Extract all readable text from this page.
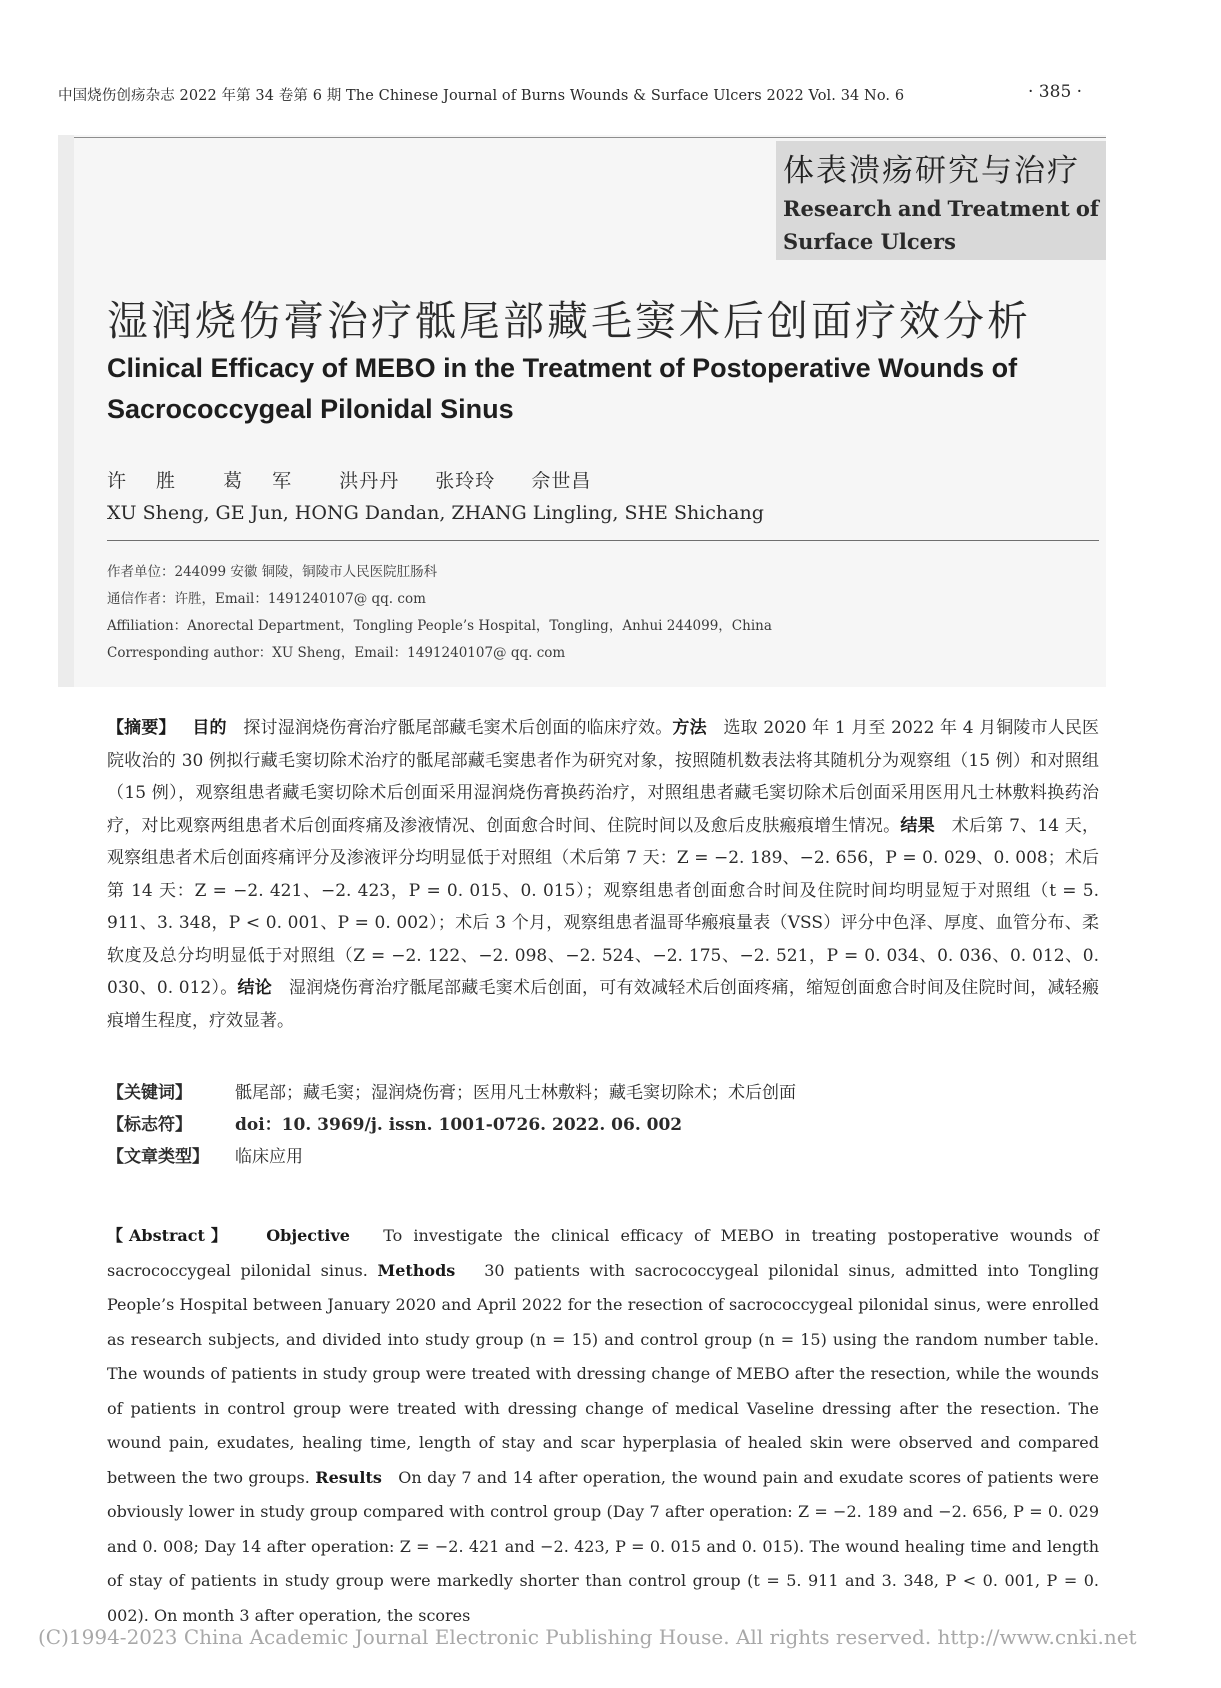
中国烧伤创疡杂志 2022 年第 34 卷第 6 期 The Chinese Journal of Burns Wounds & Surface Ulcers 2022 Vol. 34 No. 6	· 385 ·
体表溃疡研究与治疗
Research and Treatment of
Surface Ulcers
湿润烧伤膏治疗骶尾部藏毛窦术后创面疗效分析
Clinical Efficacy of MEBO in the Treatment of Postoperative Wounds of Sacrococcygeal Pilonidal Sinus
许 胜 葛 军 洪丹丹 张玲玲 佘世昌
XU Sheng, GE Jun, HONG Dandan, ZHANG Lingling, SHE Shichang
作者单位：244099 安徽 铜陵，铜陵市人民医院肛肠科
通信作者：许胜，Email：1491240107@ qq. com
Affiliation：Anorectal Department，Tongling People’s Hospital，Tongling，Anhui 244099，China
Corresponding author：XU Sheng，Email：1491240107@ qq. com
【摘要】 目的 探讨湿润烧伤膏治疗骶尾部藏毛窦术后创面的临床疗效。方法 选取 2020 年 1 月至 2022 年 4 月铜陵市人民医院收治的 30 例拟行藏毛窦切除术治疗的骶尾部藏毛窦患者作为研究对象，按照随机数表法将其随机分为观察组（15 例）和对照组（15 例），观察组患者藏毛窦切除术后创面采用湿润烧伤膏换药治疗，对照组患者藏毛窦切除术后创面采用医用凡士林敷料换药治疗，对比观察两组患者术后创面疼痛及渗液情况、创面愈合时间、住院时间以及愈后皮肤瘢痕增生情况。结果 术后第 7、14 天，观察组患者术后创面疼痛评分及渗液评分均明显低于对照组（术后第 7 天：Z = −2. 189、−2. 656，P = 0. 029、0. 008；术后第 14 天：Z = −2. 421、−2. 423，P = 0. 015、0. 015）；观察组患者创面愈合时间及住院时间均明显短于对照组（t = 5. 911、3. 348，P < 0. 001、P = 0. 002）；术后 3 个月，观察组患者温哥华瘢痕量表（VSS）评分中色泽、厚度、血管分布、柔软度及总分均明显低于对照组（Z = −2. 122、−2. 098、−2. 524、−2. 175、−2. 521，P = 0. 034、0. 036、0. 012、0. 030、0. 012）。结论 湿润烧伤膏治疗骶尾部藏毛窦术后创面，可有效减轻术后创面疼痛，缩短创面愈合时间及住院时间，减轻瘢痕增生程度，疗效显著。
【关键词】	骶尾部；藏毛窦；湿润烧伤膏；医用凡士林敷料；藏毛窦切除术；术后创面
【标志符】	doi：10. 3969/j. issn. 1001-0726. 2022. 06. 002
【文章类型】 临床应用
【Abstract】 Objective To investigate the clinical efficacy of MEBO in treating postoperative wounds of sacrococcygeal pilonidal sinus. Methods 30 patients with sacrococcygeal pilonidal sinus, admitted into Tongling People’s Hospital between January 2020 and April 2022 for the resection of sacrococcygeal pilonidal sinus, were enrolled as research subjects, and divided into study group (n = 15) and control group (n = 15) using the random number table. The wounds of patients in study group were treated with dressing change of MEBO after the resection, while the wounds of patients in control group were treated with dressing change of medical Vaseline dressing after the resection. The wound pain, exudates, healing time, length of stay and scar hyperplasia of healed skin were observed and compared between the two groups. Results On day 7 and 14 after operation, the wound pain and exudate scores of patients were obviously lower in study group compared with control group (Day 7 after operation: Z = −2. 189 and −2. 656, P = 0. 029 and 0. 008; Day 14 after operation: Z = −2. 421 and −2. 423, P = 0. 015 and 0. 015). The wound healing time and length of stay of patients in study group were markedly shorter than control group (t = 5. 911 and 3. 348, P < 0. 001, P = 0. 002). On month 3 after operation, the scores
(C)1994-2023 China Academic Journal Electronic Publishing House. All rights reserved. http://www.cnki.net
